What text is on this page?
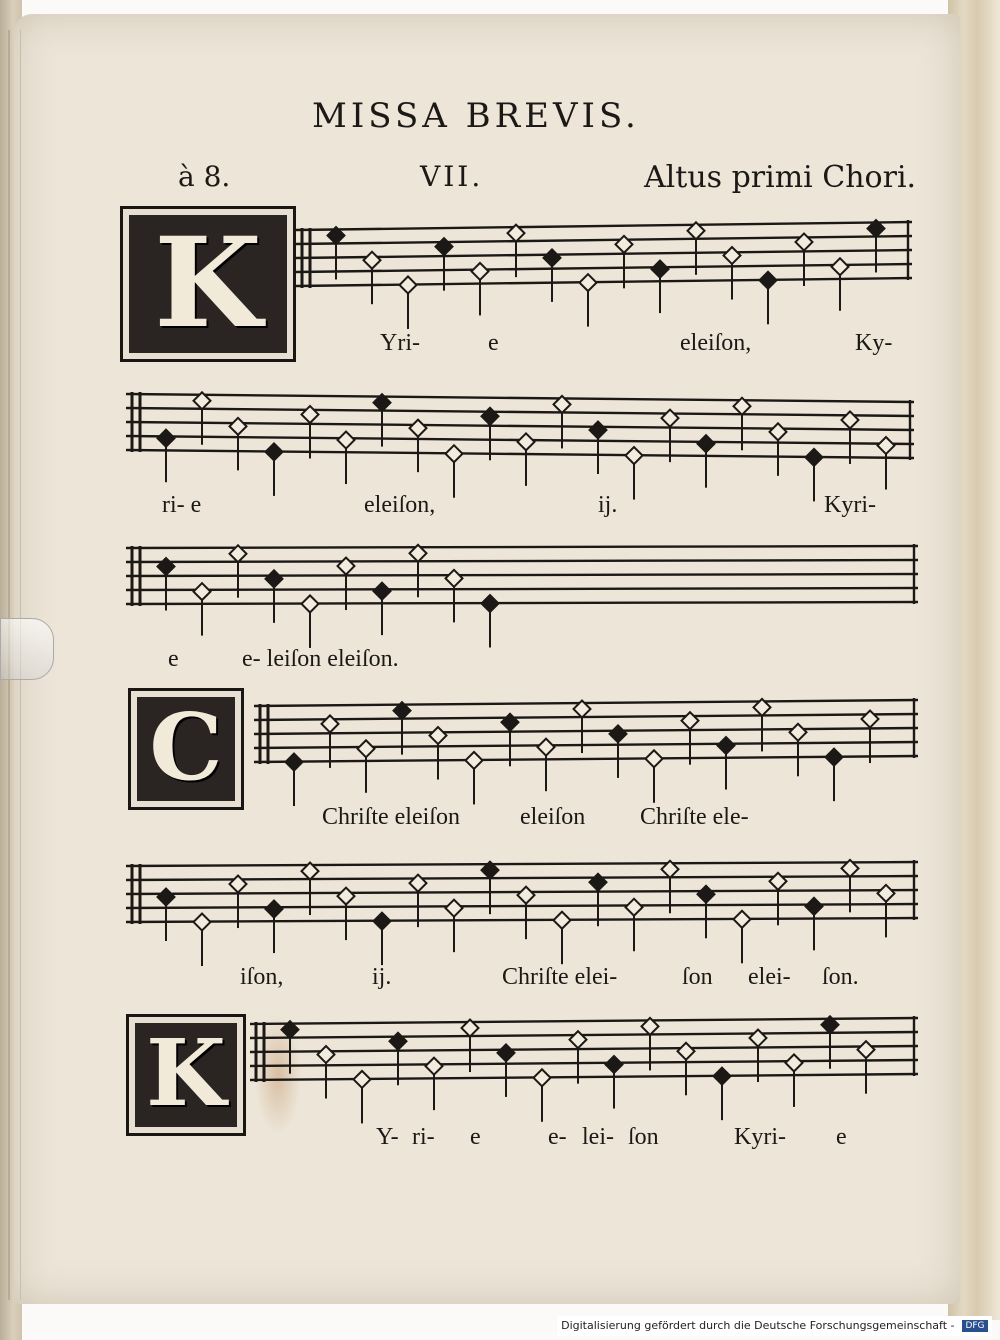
MISSA BREVIS.
à 8.	VII.	Altus primi Chori.
K
C
K
Yri-	e	eleiſon,	Ky-
ri- e	eleiſon,	ij.	Kyri-
e	e- leiſon eleiſon.
Chriſte eleiſon	eleiſon Chriſte ele-
iſon,	ij.	Chriſte elei-	ſon elei- ſon.
Y- ri- e	e- lei- ſon	Kyri- e
Digitalisierung gefördert durch die Deutsche Forschungsgemeinschaft - DFG
